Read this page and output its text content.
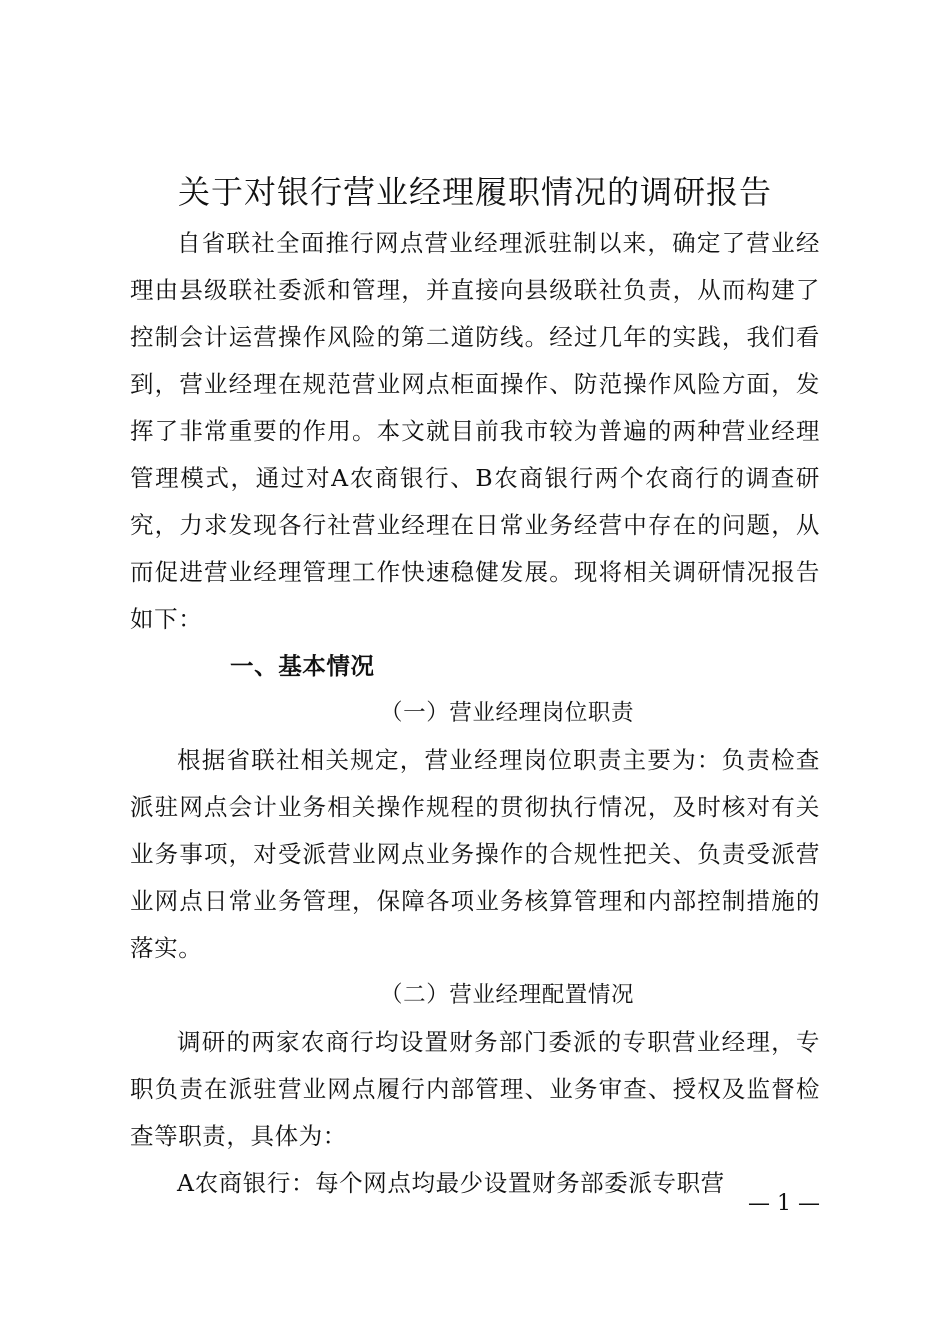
关于对银行营业经理履职情况的调研报告

自省联社全面推行网点营业经理派驻制以来，确定了营业经理由县级联社委派和管理，并直接向县级联社负责，从而构建了控制会计运营操作风险的第二道防线。经过几年的实践，我们看到，营业经理在规范营业网点柜面操作、防范操作风险方面，发挥了非常重要的作用。本文就目前我市较为普遍的两种营业经理管理模式，通过对A农商银行、B农商银行两个农商行的调查研究，力求发现各行社营业经理在日常业务经营中存在的问题，从而促进营业经理管理工作快速稳健发展。现将相关调研情况报告如下：

一、基本情况

（一）营业经理岗位职责

根据省联社相关规定，营业经理岗位职责主要为：负责检查派驻网点会计业务相关操作规程的贯彻执行情况，及时核对有关业务事项，对受派营业网点业务操作的合规性把关、负责受派营业网点日常业务管理，保障各项业务核算管理和内部控制措施的落实。

（二）营业经理配置情况

调研的两家农商行均设置财务部门委派的专职营业经理，专职负责在派驻营业网点履行内部管理、业务审查、授权及监督检查等职责，具体为：

A农商银行：每个网点均最少设置财务部委派专职营

— 1 —
